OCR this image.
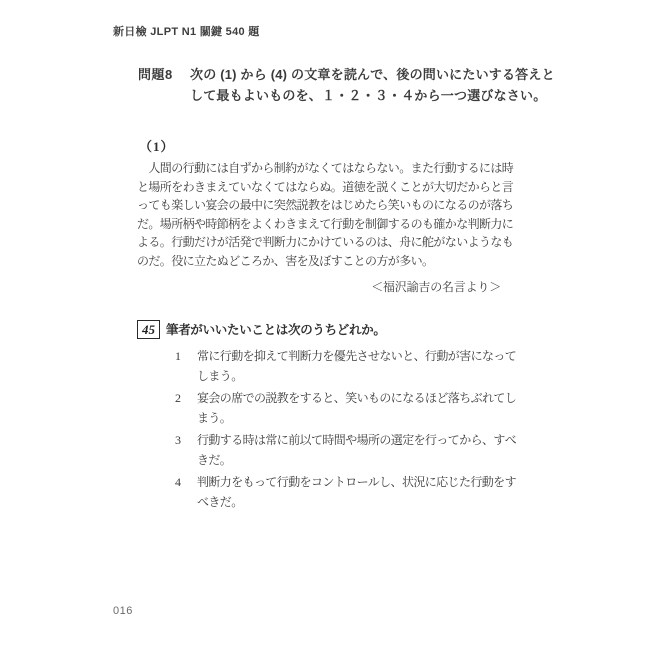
新日檢 JLPT N1 關鍵 540 題
問題8	次の (1) から (4) の文章を読んで、後の問いにたいする答えと
して最もよいものを、１・２・３・４から一つ選びなさい。
（1）
　人間の行動には自ずから制約がなくてはならない。また行動するには時
と場所をわきまえていなくてはならぬ。道徳を説くことが大切だからと言
っても楽しい宴会の最中に突然説教をはじめたら笑いものになるのが落ち
だ。場所柄や時節柄をよくわきまえて行動を制御するのも確かな判断力に
よる。行動だけが活発で判断力にかけているのは、舟に舵がないようなも
のだ。役に立たぬどころか、害を及ぼすことの方が多い。
＜福沢諭吉の名言より＞
45 筆者がいいたいことは次のうちどれか。
1	常に行動を抑えて判断力を優先させないと、行動が害になって
しまう。
2	宴会の席での説教をすると、笑いものになるほど落ちぶれてし
まう。
3	行動する時は常に前以て時間や場所の選定を行ってから、すべ
きだ。
4	判断力をもって行動をコントロールし、状況に応じた行動をす
べきだ。
016
